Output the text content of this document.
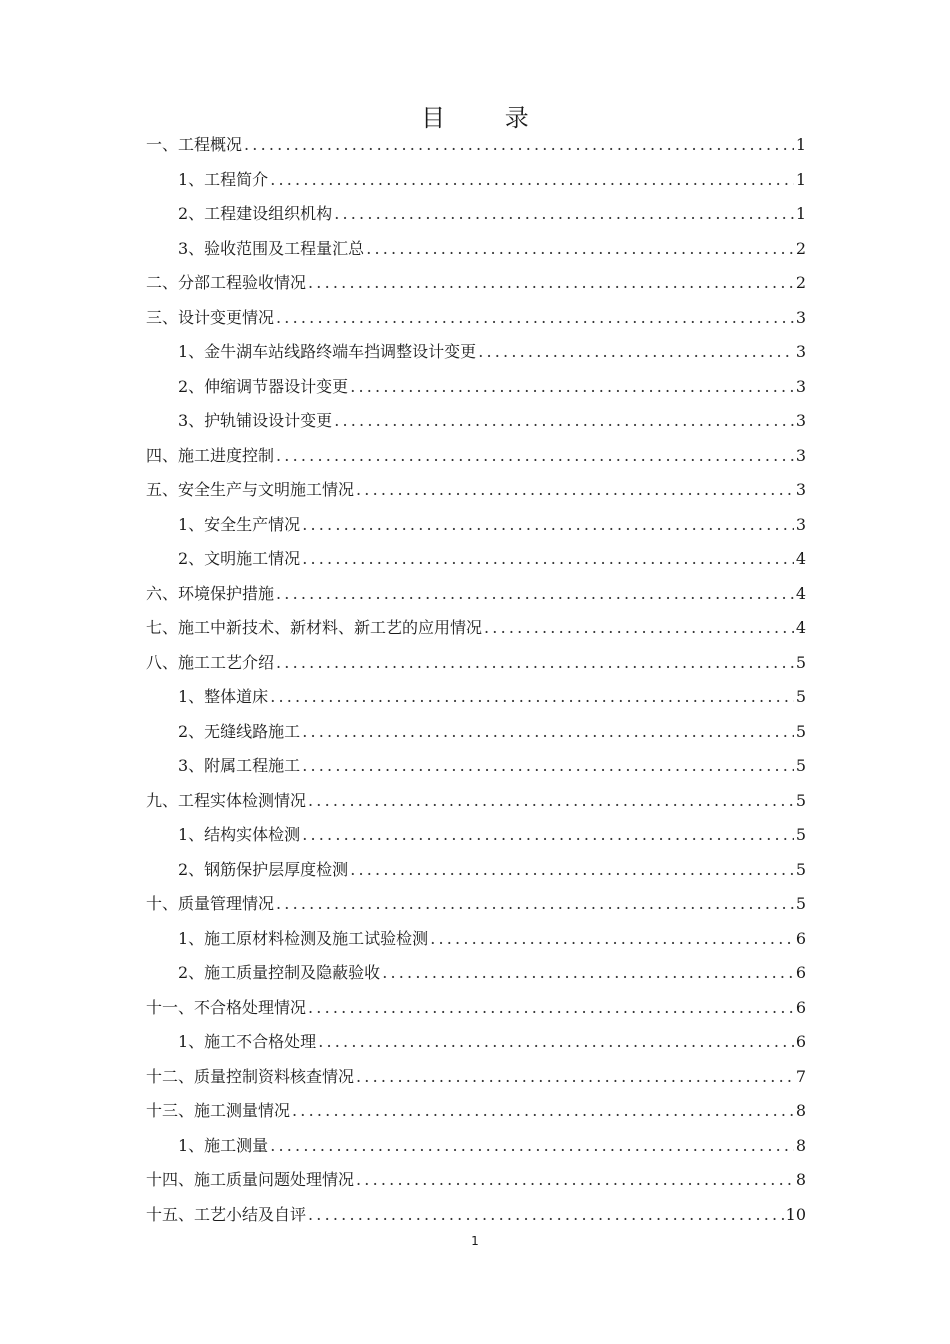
目 录
一、工程概况 .....	1
1、工程简介 .....	1
2、工程建设组织机构 .....	1
3、验收范围及工程量汇总 .....	2
二、分部工程验收情况 .....	2
三、设计变更情况 .....	3
1、金牛湖车站线路终端车挡调整设计变更 .....	3
2、伸缩调节器设计变更 .....	3
3、护轨铺设设计变更 .....	3
四、施工进度控制 .....	3
五、安全生产与文明施工情况 .....	3
1、安全生产情况 .....	3
2、文明施工情况 .....	4
六、环境保护措施 .....	4
七、施工中新技术、新材料、新工艺的应用情况 .....	4
八、施工工艺介绍 .....	5
1、整体道床 .....	5
2、无缝线路施工 .....	5
3、附属工程施工 .....	5
九、工程实体检测情况 .....	5
1、结构实体检测 .....	5
2、钢筋保护层厚度检测 .....	5
十、质量管理情况 .....	5
1、施工原材料检测及施工试验检测 .....	6
2、施工质量控制及隐蔽验收 .....	6
十一、不合格处理情况 .....	6
1、施工不合格处理 .....	6
十二、质量控制资料核查情况 .....	7
十三、施工测量情况 .....	8
1、施工测量 .....	8
十四、施工质量问题处理情况 .....	8
十五、工艺小结及自评 .....	10
1
